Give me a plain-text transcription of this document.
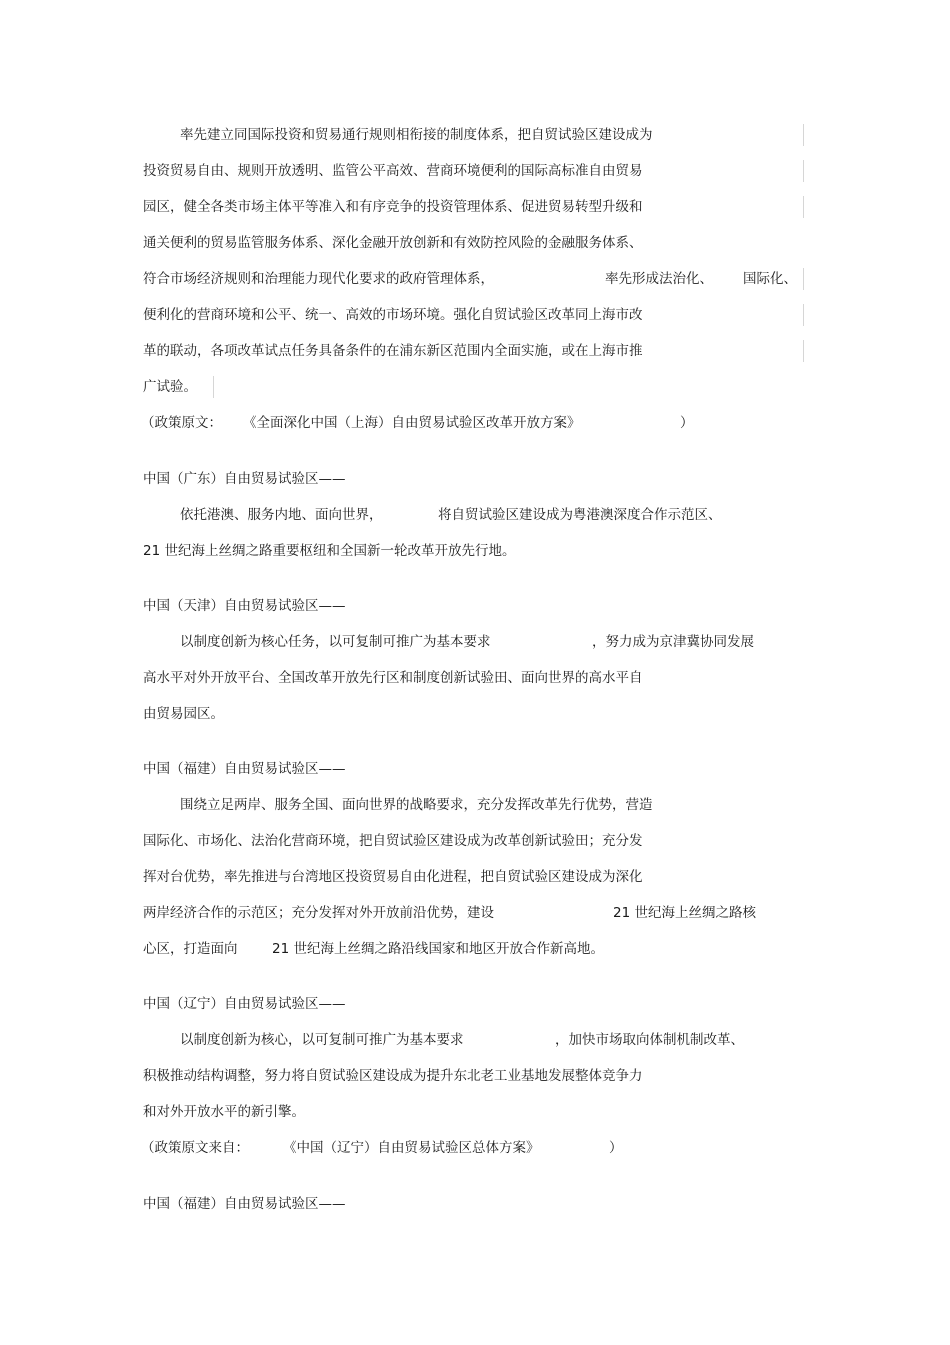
率先建立同国际投资和贸易通行规则相衔接的制度体系，把自贸试验区建设成为

投资贸易自由、规则开放透明、监管公平高效、营商环境便利的国际高标准自由贸易

园区，健全各类市场主体平等准入和有序竞争的投资管理体系、促进贸易转型升级和

通关便利的贸易监管服务体系、深化金融开放创新和有效防控风险的金融服务体系、

符合市场经济规则和治理能力现代化要求的政府管理体系，	率先形成法治化、 国际化、

便利化的营商环境和公平、统一、高效的市场环境。强化自贸试验区改革同上海市改

革的联动，各项改革试点任务具备条件的在浦东新区范围内全面实施，或在上海市推

广试验。

（政策原文： 《全面深化中国（上海）自由贸易试验区改革开放方案》	）

中国（广东）自由贸易试验区——

依托港澳、服务内地、面向世界，	将自贸试验区建设成为粤港澳深度合作示范区、

21 世纪海上丝绸之路重要枢纽和全国新一轮改革开放先行地。

中国（天津）自由贸易试验区——

以制度创新为核心任务，以可复制可推广为基本要求	，努力成为京津冀协同发展

高水平对外开放平台、全国改革开放先行区和制度创新试验田、面向世界的高水平自

由贸易园区。

中国（福建）自由贸易试验区——

围绕立足两岸、服务全国、面向世界的战略要求，充分发挥改革先行优势，营造

国际化、市场化、法治化营商环境，把自贸试验区建设成为改革创新试验田；充分发

挥对台优势，率先推进与台湾地区投资贸易自由化进程，把自贸试验区建设成为深化

两岸经济合作的示范区；充分发挥对外开放前沿优势，建设	21 世纪海上丝绸之路核

心区，打造面向	21 世纪海上丝绸之路沿线国家和地区开放合作新高地。

中国（辽宁）自由贸易试验区——

以制度创新为核心，以可复制可推广为基本要求	，加快市场取向体制机制改革、

积极推动结构调整，努力将自贸试验区建设成为提升东北老工业基地发展整体竞争力

和对外开放水平的新引擎。

（政策原文来自：	《中国（辽宁）自由贸易试验区总体方案》	）

中国（福建）自由贸易试验区——
